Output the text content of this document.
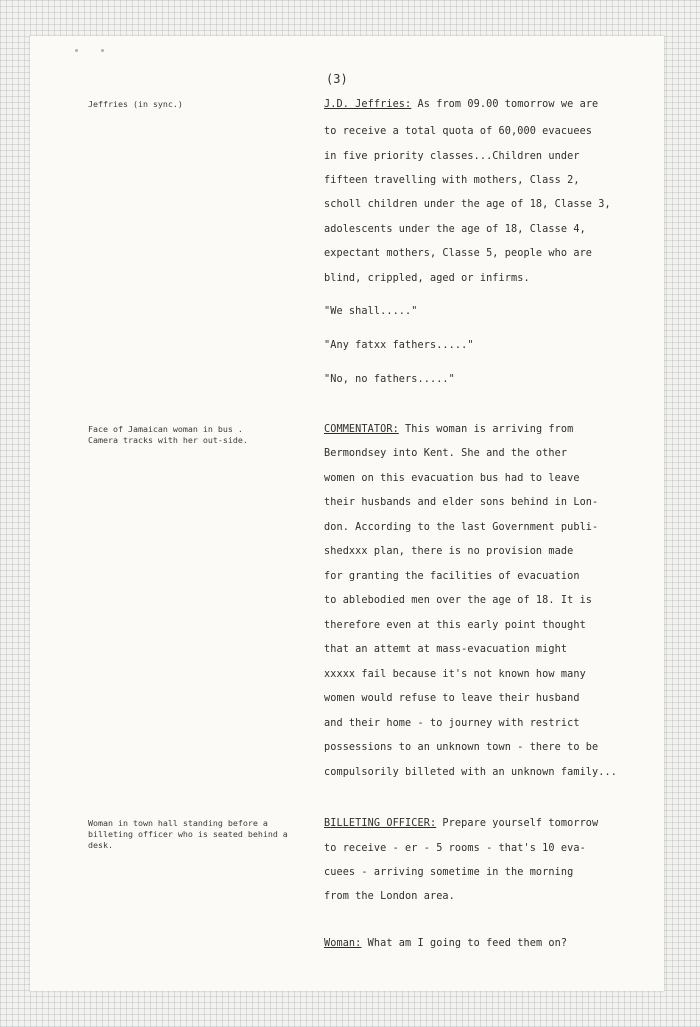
(3)
Jeffries (in sync.)
Face of Jamaican woman in bus .
Camera tracks with her out-side.
Woman in town hall standing before a billeting officer who is seated behind a desk.
J.D. Jeffries: As from 09.00 tomorrow we are
to receive a total quota of 60,000 evacuees
in five priority classes...Children under
fifteen travelling with mothers, Class 2,
scholl children under the age of 18, Classe 3,
adolescents under the age of 18, Classe 4,
expectant mothers, Classe 5, people who are
blind, crippled, aged or infirms.
"We shall....."
"Any fatxx fathers....."
"No, no fathers....."
COMMENTATOR: This woman is arriving from
Bermondsey into Kent. She and the other
women on this evacuation bus had to leave
their husbands and elder sons behind in Lon-
don. According to the last Government publi-
shedxxx plan, there is no provision made
for granting the facilities of evacuation
to ablebodied men over the age of 18. It is
therefore even at this early point thought
that an attemt at mass-evacuation might
xxxxx fail because it's not known how many
women would refuse to leave their husband
and their home - to journey with restrict
possessions to an unknown town - there to be
compulsorily billeted with an unknown family...
BILLETING OFFICER: Prepare yourself tomorrow
to receive - er - 5 rooms - that's 10 eva-
cuees - arriving sometime in the morning
from the London area.
Woman: What am I going to feed them on?
